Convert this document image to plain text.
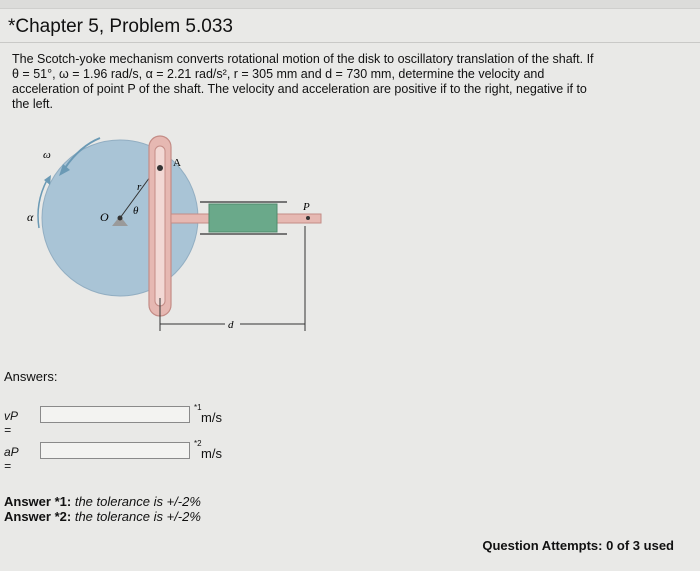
*Chapter 5, Problem 5.033
The Scotch-yoke mechanism converts rotational motion of the disk to oscillatory translation of the shaft. If
θ = 51°, ω = 1.96 rad/s, α = 2.21 rad/s², r = 305 mm and d = 730 mm, determine the velocity and
acceleration of point P of the shaft. The velocity and acceleration are positive if to the right, negative if to
the left.
ω
α	O θ
r
A
P
d
Answers:
vP =
*1
m/s
aP =
*2
m/s
Answer *1: the tolerance is +/-2%
Answer *2: the tolerance is +/-2%
Question Attempts: 0 of 3 used
